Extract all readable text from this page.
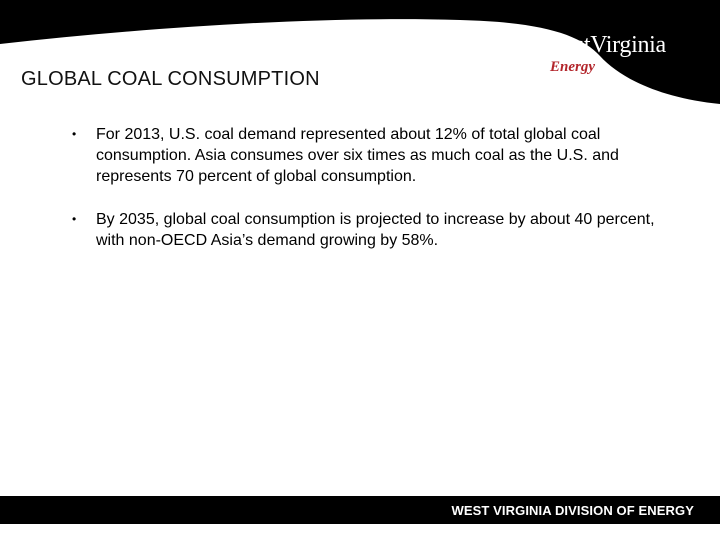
WestVirginia
Energy
GLOBAL COAL CONSUMPTION
• For 2013, U.S. coal demand represented about 12% of total global coal consumption. Asia consumes over six times as much coal as the U.S. and represents 70 percent of global consumption.
• By 2035, global coal consumption is projected to increase by about 40 percent, with non-OECD Asia’s demand growing by 58%.
WEST VIRGINIA DIVISION OF ENERGY
